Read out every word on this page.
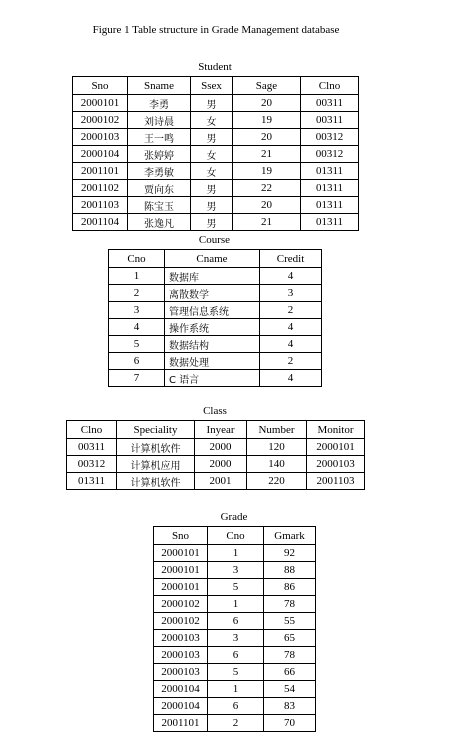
Figure 1 Table structure in Grade Management database
Student
Sno	Sname	Ssex	Sage	Clno
2000101	李勇	男	20	00311
2000102	刘诗晨	女	19	00311
2000103	王一鸣	男	20	00312
2000104	张婷婷	女	21	00312
2001101	李勇敏	女	19	01311
2001102	贾向东	男	22	01311
2001103	陈宝玉	男	20	01311
2001104	张逸凡	男	21	01311
Course
Cno	Cname	Credit
1	数据库	4
2	离散数学	3
3	管理信息系统	2
4	操作系统	4
5	数据结构	4
6	数据处理	2
7	C 语言	4
Class
Clno	Speciality	Inyear	Number	Monitor
00311	计算机软件	2000	120	2000101
00312	计算机应用	2000	140	2000103
01311	计算机软件	2001	220	2001103
Grade
Sno	Cno	Gmark
2000101	1	92
2000101	3	88
2000101	5	86
2000102	1	78
2000102	6	55
2000103	3	65
2000103	6	78
2000103	5	66
2000104	1	54
2000104	6	83
2001101	2	70
